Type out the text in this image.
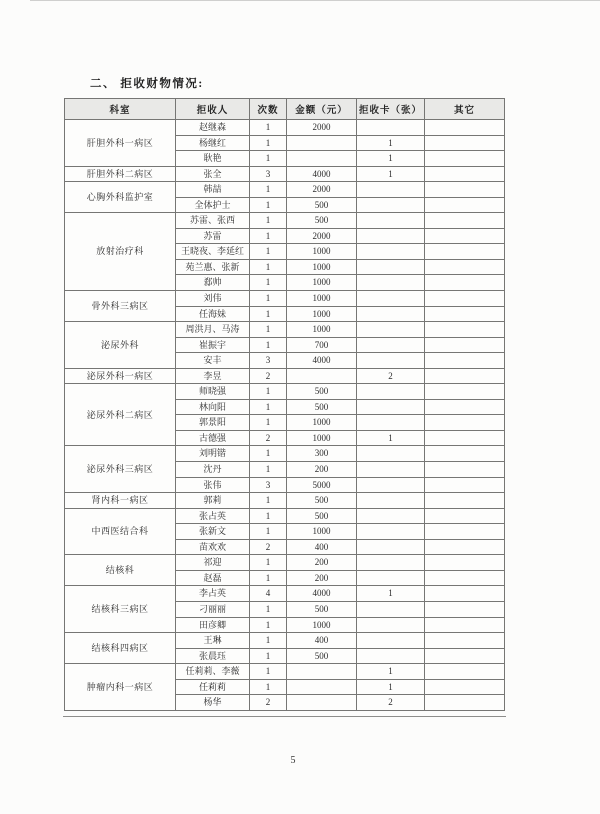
二、 拒收财物情况:
科室	拒收人	次数	金额（元）	拒收卡（张）	其它
肝胆外科一病区	赵继森	1	2000		
	杨继红	1		1	
	耿艳	1		1	
肝胆外科二病区	张全	3	4000	1	
心胸外科监护室	韩喆	1	2000		
	全体护士	1	500		
放射治疗科	苏雷、张西	1	500		
	苏雷	1	2000		
	王晓夜、李延红	1	1000		
	苑兰惠、张新	1	1000		
	郄帅	1	1000		
骨外科三病区	刘伟	1	1000		
	任海妹	1	1000		
泌尿外科	周洪月、马涛	1	1000		
	崔振宇	1	700		
	安丰	3	4000		
泌尿外科一病区	李昱	2		2	
泌尿外科二病区	师晓强	1	500		
	林向阳	1	500		
	郭景阳	1	1000		
	古德强	2	1000	1	
泌尿外科三病区	刘明锴	1	300		
	沈丹	1	200		
	张伟	3	5000		
肾内科一病区	郭莉	1	500		
中西医结合科	张占英	1	500		
	张新文	1	1000		
	苗欢欢	2	400		
结核科	祁迎	1	200		
	赵磊	1	200		
结核科三病区	李占英	4	4000	1	
	刁丽丽	1	500		
	田彦卿	1	1000		
结核科四病区	王琳	1	400		
	张晨珏	1	500		
肿瘤内科一病区	任莉莉、李薇	1		1	
	任莉莉	1		1	
	杨华	2		2	
5
